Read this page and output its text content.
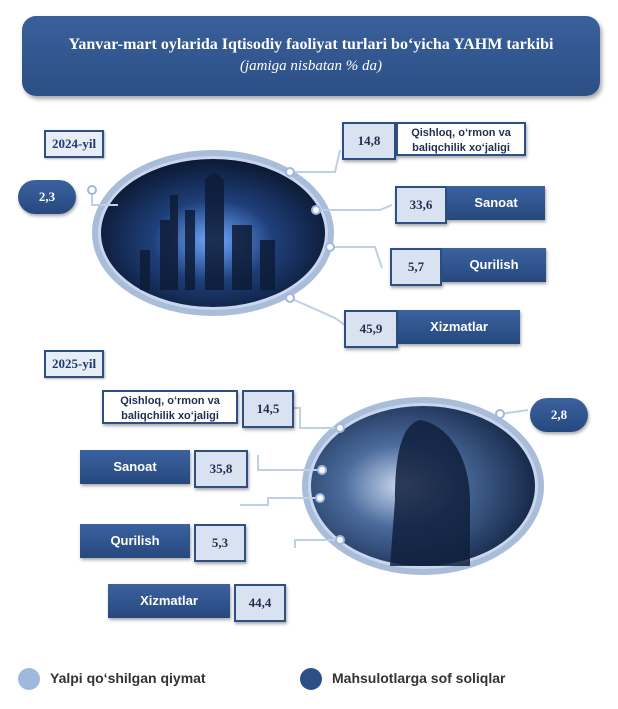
Yanvar-mart oylarida Iqtisodiy faoliyat turlari bo‘yicha YAHM tarkibi
(jamiga nisbatan % da)
2024-yil
2,3
14,8	Qishloq, o‘rmon va baliqchilik xo‘jaligi
33,6	Sanoat
5,7	Qurilish
45,9	Xizmatlar
2025-yil
2,8
Qishloq, o‘rmon va baliqchilik xo‘jaligi	14,5
Sanoat	35,8
Qurilish	5,3
Xizmatlar	44,4
Yalpi qo‘shilgan qiymat	Mahsulotlarga sof soliqlar
